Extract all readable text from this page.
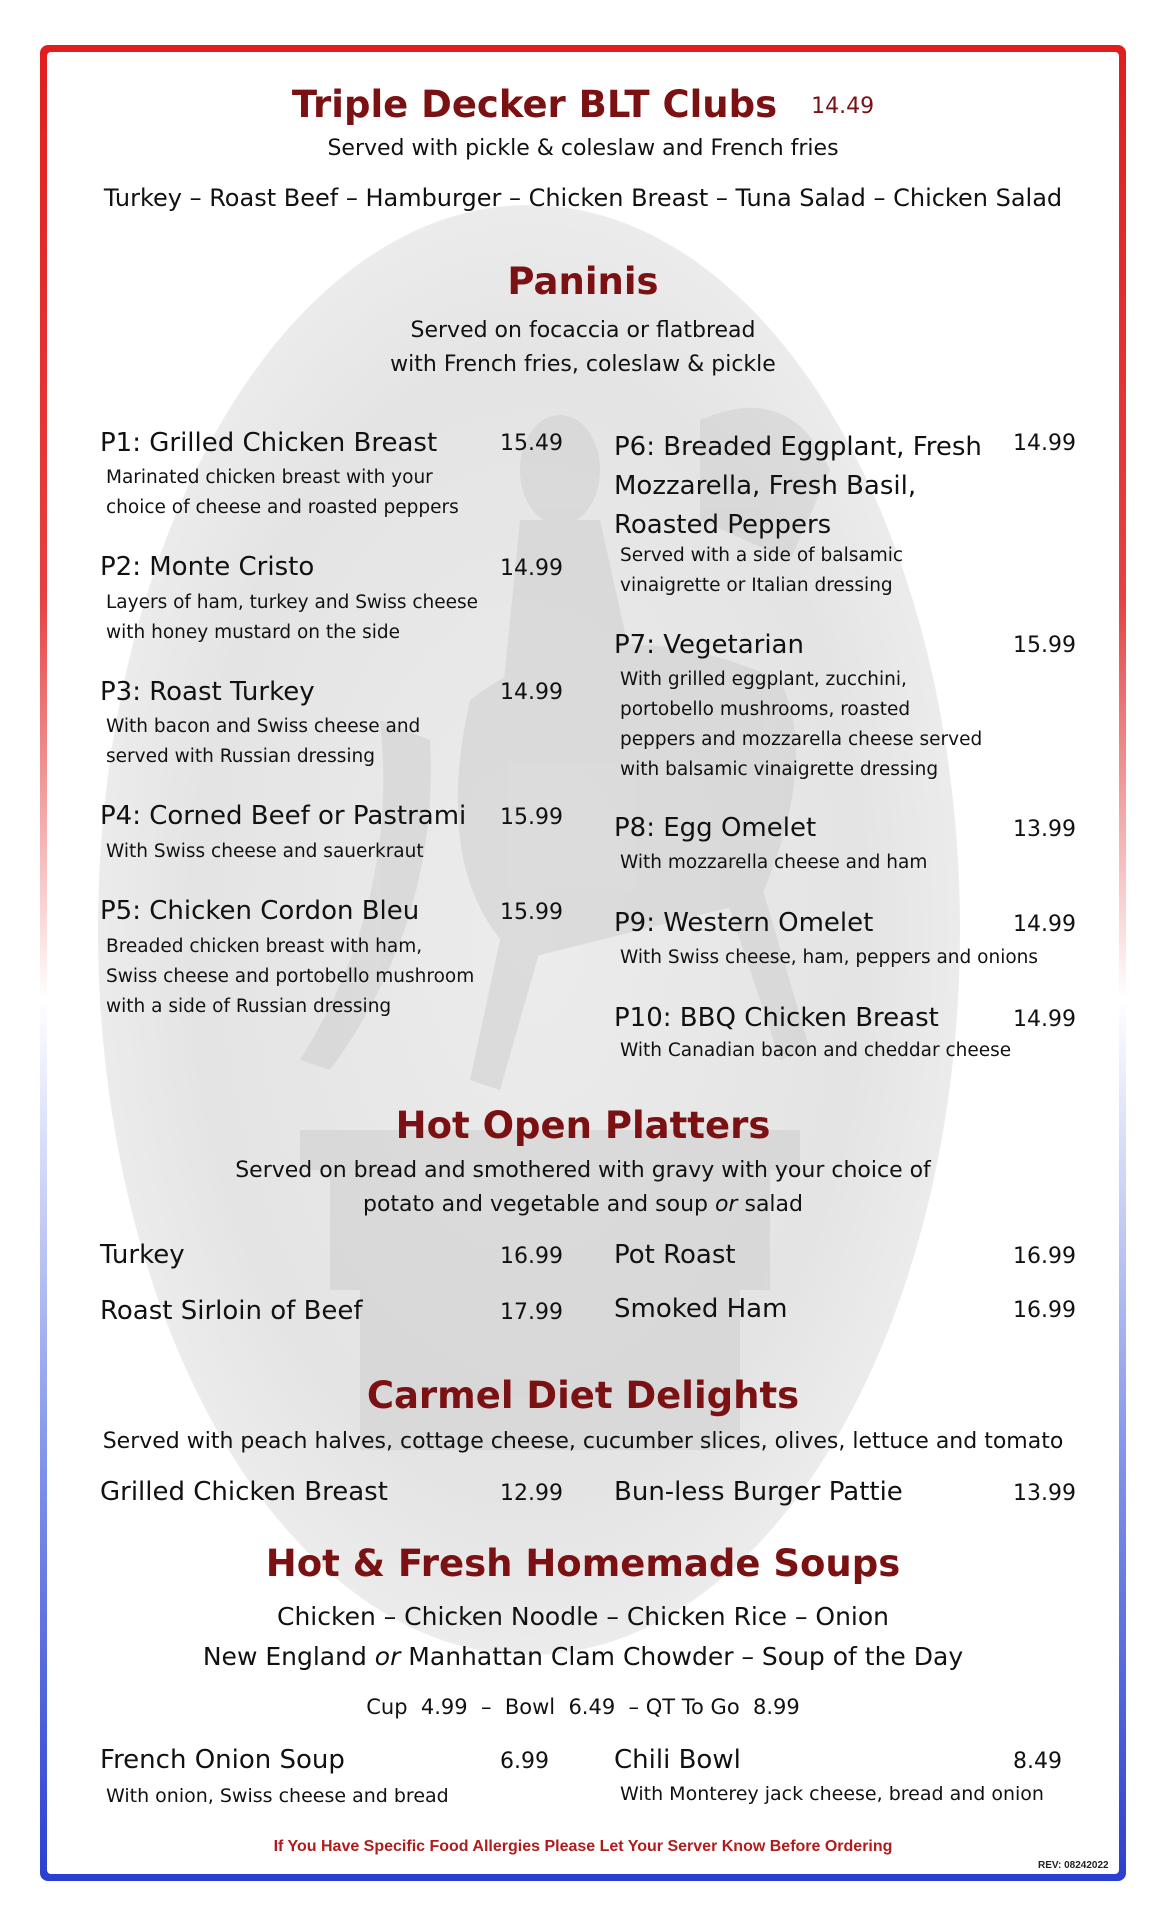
Triple Decker BLT Clubs 14.49
Served with pickle & coleslaw and French fries
Turkey – Roast Beef – Hamburger – Chicken Breast – Tuna Salad – Chicken Salad
Paninis
Served on focaccia or flatbread
with French fries, coleslaw & pickle
P1: Grilled Chicken Breast	15.49
Marinated chicken breast with your
choice of cheese and roasted peppers
P2: Monte Cristo	14.99
Layers of ham, turkey and Swiss cheese
with honey mustard on the side
P3: Roast Turkey	14.99
With bacon and Swiss cheese and
served with Russian dressing
P4: Corned Beef or Pastrami 15.99
With Swiss cheese and sauerkraut
P5: Chicken Cordon Bleu	15.99
Breaded chicken breast with ham,
Swiss cheese and portobello mushroom
with a side of Russian dressing
P6: Breaded Eggplant, Fresh
Mozzarella, Fresh Basil,
Roasted Peppers
14.99
Served with a side of balsamic
vinaigrette or Italian dressing
P7: Vegetarian	15.99
With grilled eggplant, zucchini,
portobello mushrooms, roasted
peppers and mozzarella cheese served
with balsamic vinaigrette dressing
P8: Egg Omelet	13.99
With mozzarella cheese and ham
P9: Western Omelet	14.99
With Swiss cheese, ham, peppers and onions
P10: BBQ Chicken Breast	14.99
With Canadian bacon and cheddar cheese
Hot Open Platters
Served on bread and smothered with gravy with your choice of
potato and vegetable and soup or salad
Turkey	16.99
Roast Sirloin of Beef	17.99
Pot Roast	16.99
Smoked Ham	16.99
Carmel Diet Delights
Served with peach halves, cottage cheese, cucumber slices, olives, lettuce and tomato
Grilled Chicken Breast	12.99 Bun-less Burger Pattie	13.99
Hot & Fresh Homemade Soups
Chicken – Chicken Noodle – Chicken Rice – Onion
New England or Manhattan Clam Chowder – Soup of the Day
Cup  4.99  –  Bowl  6.49  – QT To Go  8.99
French Onion Soup	6.99
With onion, Swiss cheese and bread
Chili Bowl	8.49
With Monterey jack cheese, bread and onion
If You Have Specific Food Allergies Please Let Your Server Know Before Ordering
REV: 08242022
